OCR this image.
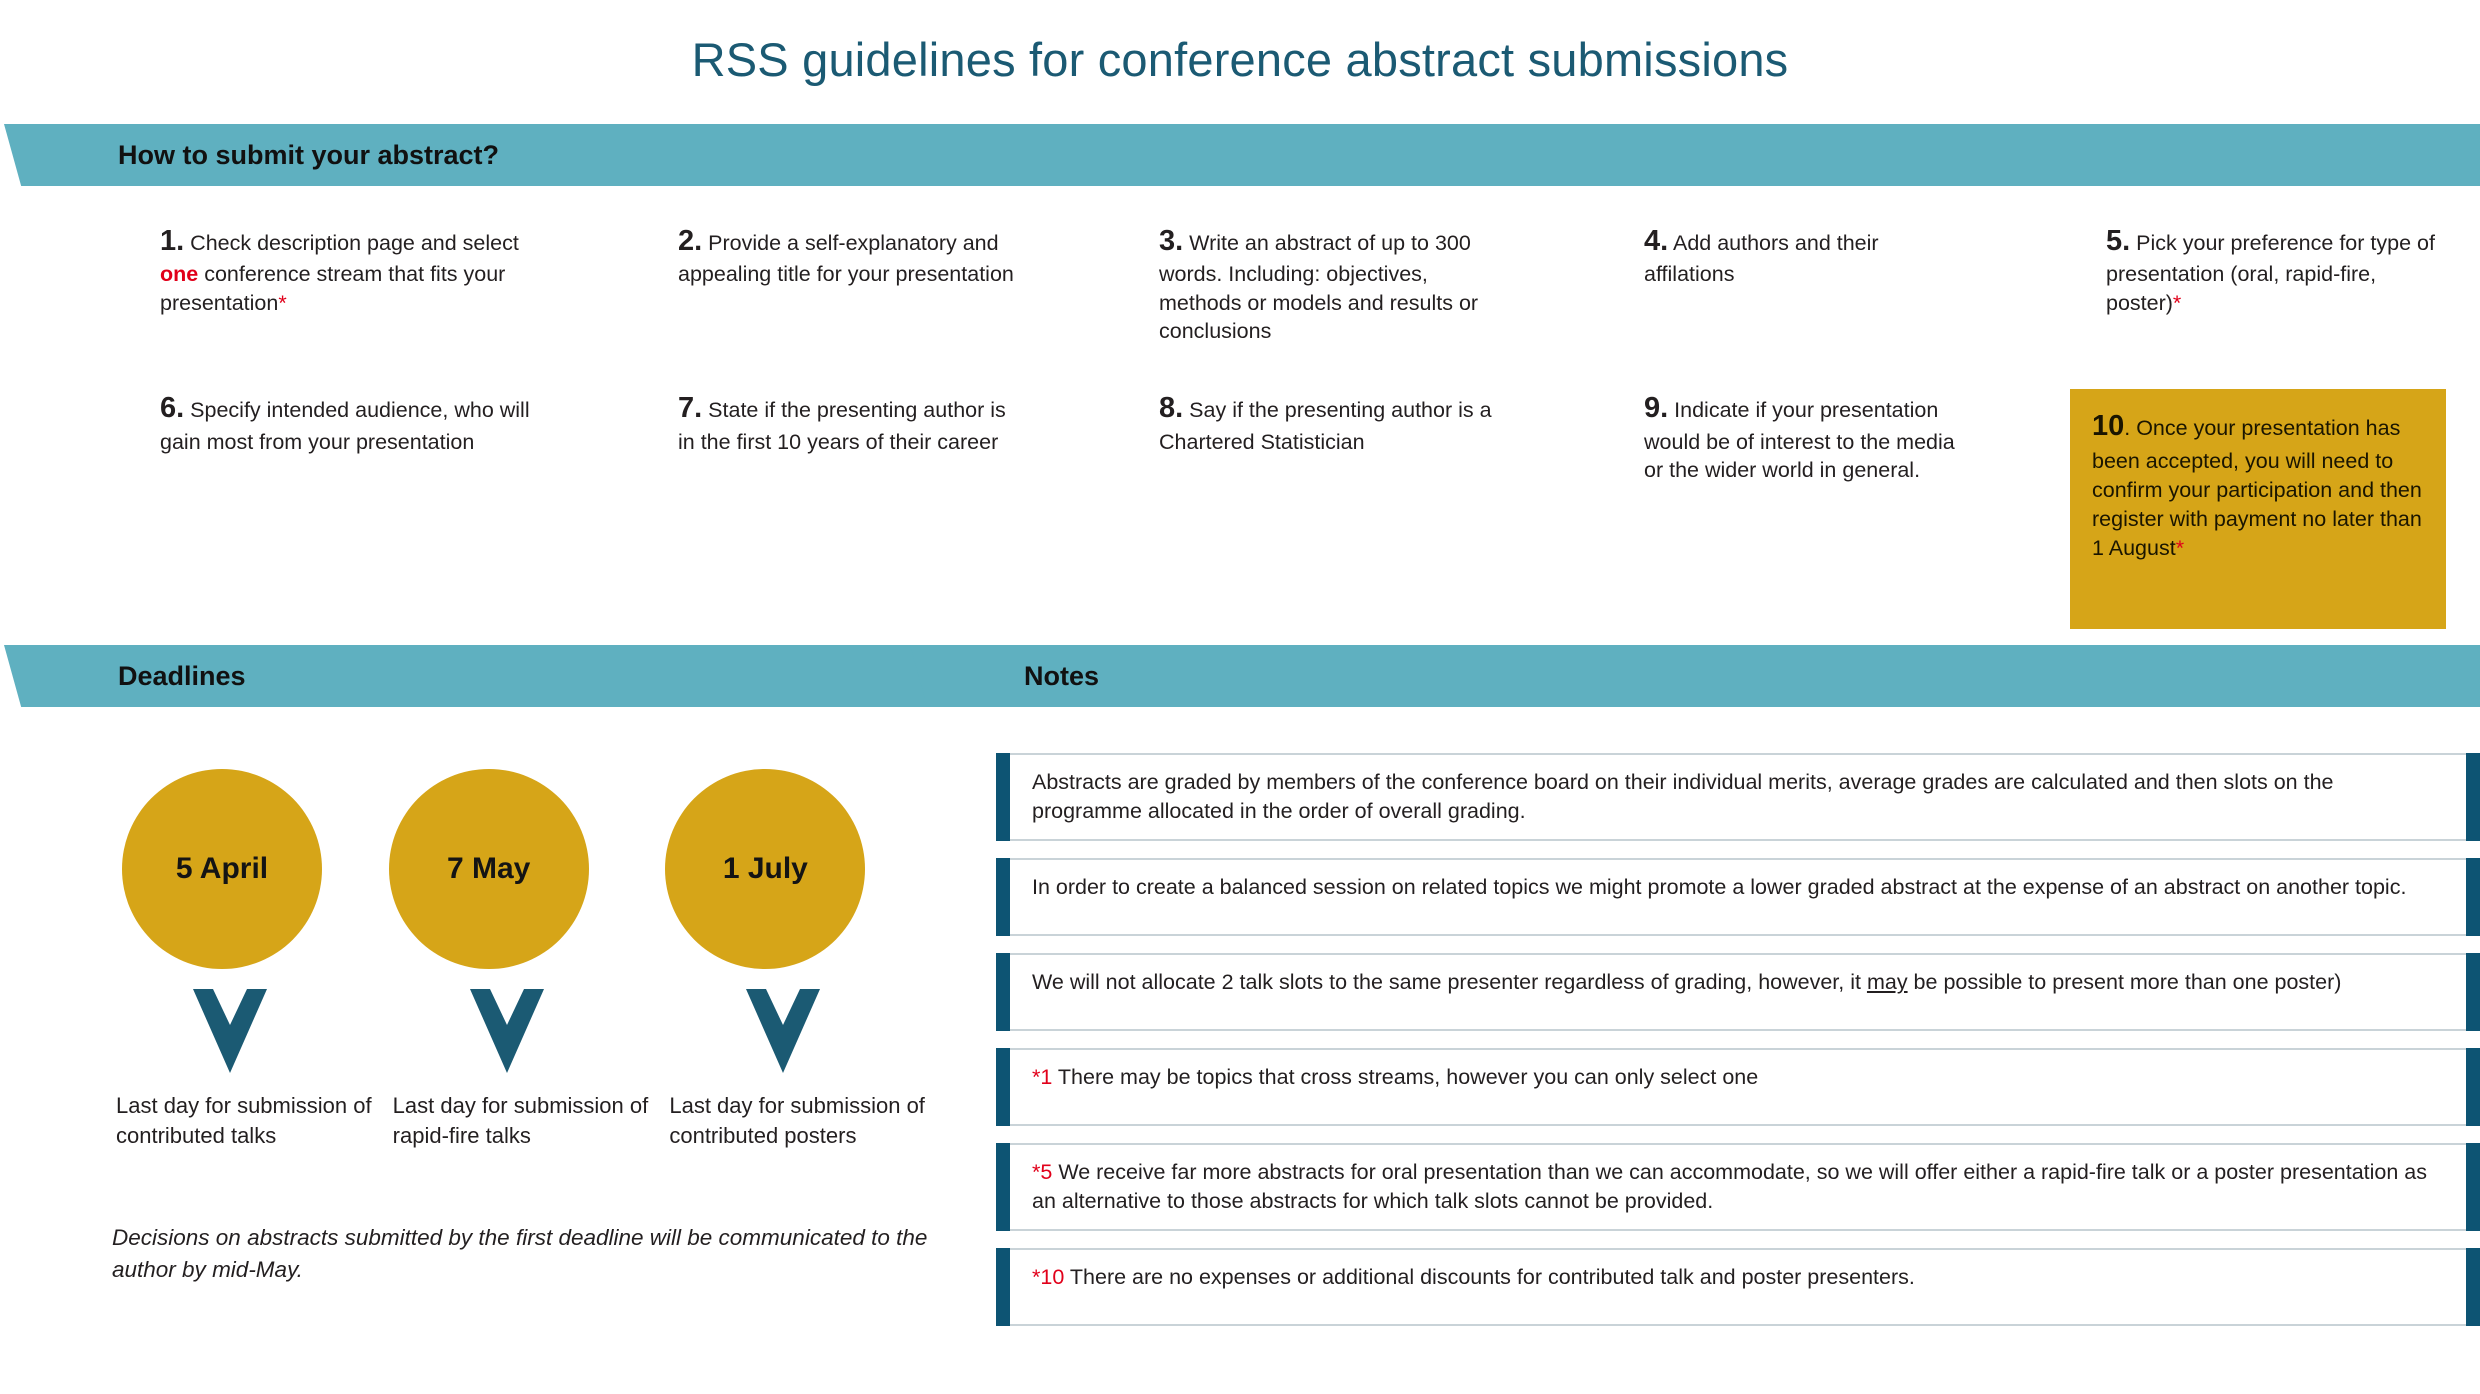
RSS guidelines for conference abstract submissions
How to submit your abstract?
1. Check description page and select one conference stream that fits your presentation*
2. Provide a self-explanatory and appealing title for your presentation
3. Write an abstract of up to 300 words. Including: objectives, methods or models and results or conclusions
4. Add authors and their affilations
5. Pick your preference for type of presentation (oral, rapid-fire, poster)*
6. Specify intended audience, who will gain most from your presentation
7. State if the presenting author is in the first 10 years of their career
8. Say if the presenting author is a Chartered Statistician
9. Indicate if your presentation would be of interest to the media or the wider world in general.
10. Once your presentation has been accepted, you will need to confirm your participation and then register with payment no later than 1 August*
Deadlines
5 April
Last day for submission of contributed talks
7 May
Last day for submission of rapid-fire talks
1 July
Last day for submission of contributed posters
Decisions on abstracts submitted by the first deadline will be communicated to the author by mid-May.
Notes
Abstracts are graded by members of the conference board on their individual merits, average grades are calculated and then slots on the programme allocated in the order of overall grading.
In order to create a balanced session on related topics we might promote a lower graded abstract at the expense of an abstract on another topic.
We will not allocate 2 talk slots to the same presenter regardless of grading, however, it may be possible to present more than one poster)
*1 There may be topics that cross streams, however you can only select one
*5 We receive far more abstracts for oral presentation than we can accommodate, so we will offer either a rapid-fire talk or a poster presentation as an alternative to those abstracts for which talk slots cannot be provided.
*10 There are no expenses or additional discounts for contributed talk and poster presenters.
